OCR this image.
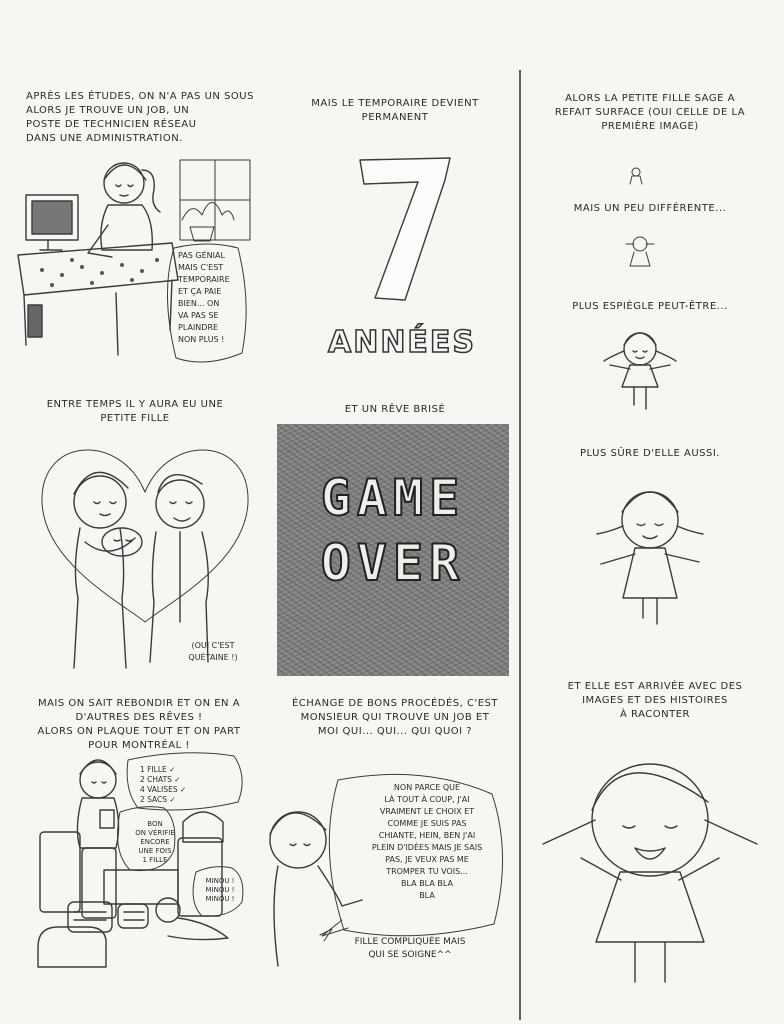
APRÈS LES ÉTUDES, ON N'A PAS UN SOUS
ALORS JE TROUVE UN JOB, UN
POSTE DE TECHNICIEN RÉSEAU
DANS UNE ADMINISTRATION.
PAS GÉNIAL
MAIS C'EST
TEMPORAIRE
ET ÇA PAIE
BIEN... ON
VA PAS SE
PLAINDRE
NON PLUS !
ENTRE TEMPS IL Y AURA EU UNE
PETITE FILLE
(OUI C'EST
QUÉTAINE !)
MAIS ON SAIT REBONDIR ET ON EN A
D'AUTRES DES RÊVES !
ALORS ON PLAQUE TOUT ET ON PART
POUR MONTRÉAL !
1 FILLE ✓
2 CHATS ✓
4 VALISES ✓
2 SACS ✓
BON
ON VÉRIFIE
ENCORE
UNE FOIS
1 FILLE
MINOU !
MINOU !
MINOU !
MAIS LE TEMPORAIRE DEVIENT
PERMANENT
ANNÉES
ET UN RÊVE BRISÉ
GAME
OVER
ÉCHANGE DE BONS PROCÉDÉS, C'EST
MONSIEUR QUI TROUVE UN JOB ET
MOI QUI... QUI... QUI QUOI ?
NON PARCE QUE
LÀ TOUT À COUP, J'AI
VRAIMENT LE CHOIX ET
COMME JE SUIS PAS
CHIANTE, HEIN, BEN J'AI
PLEIN D'IDÉES MAIS JE SAIS
PAS, JE VEUX PAS ME
TROMPER TU VOIS...
BLA BLA BLA
BLA
FILLE COMPLIQUÉE MAIS
QUI SE SOIGNE^^
ALORS LA PETITE FILLE SAGE A
REFAIT SURFACE (OUI CELLE DE LA
PREMIÈRE IMAGE)
MAIS UN PEU DIFFÉRENTE...
PLUS ESPIÈGLE PEUT-ÊTRE...
PLUS SÛRE D'ELLE AUSSI.
ET ELLE EST ARRIVÉE AVEC DES
IMAGES ET DES HISTOIRES
À RACONTER
